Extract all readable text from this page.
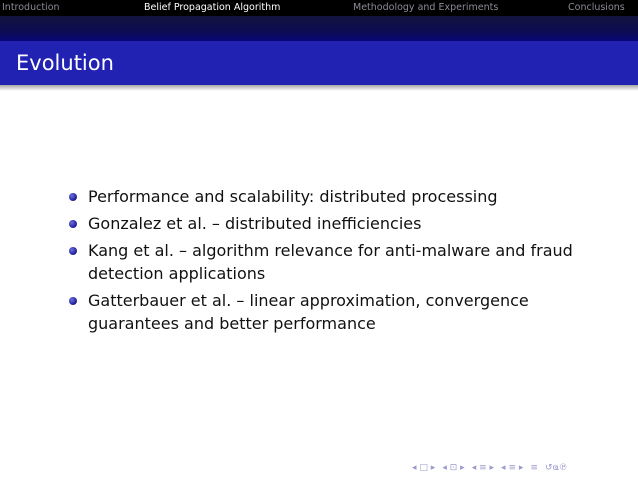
Introduction	Belief Propagation Algorithm	Methodology and Experiments	Conclusions
Evolution
Performance and scalability: distributed processing
Gonzalez et al. – distributed inefficiencies
Kang et al. – algorithm relevance for anti-malware and fraud detection applications
Gatterbauer et al. – linear approximation, convergence guarantees and better performance
◂ □ ▸ ◂ ⊡ ▸ ◂ ≡ ▸ ◂ ≡ ▸ ≡ ↺ҩ℗
